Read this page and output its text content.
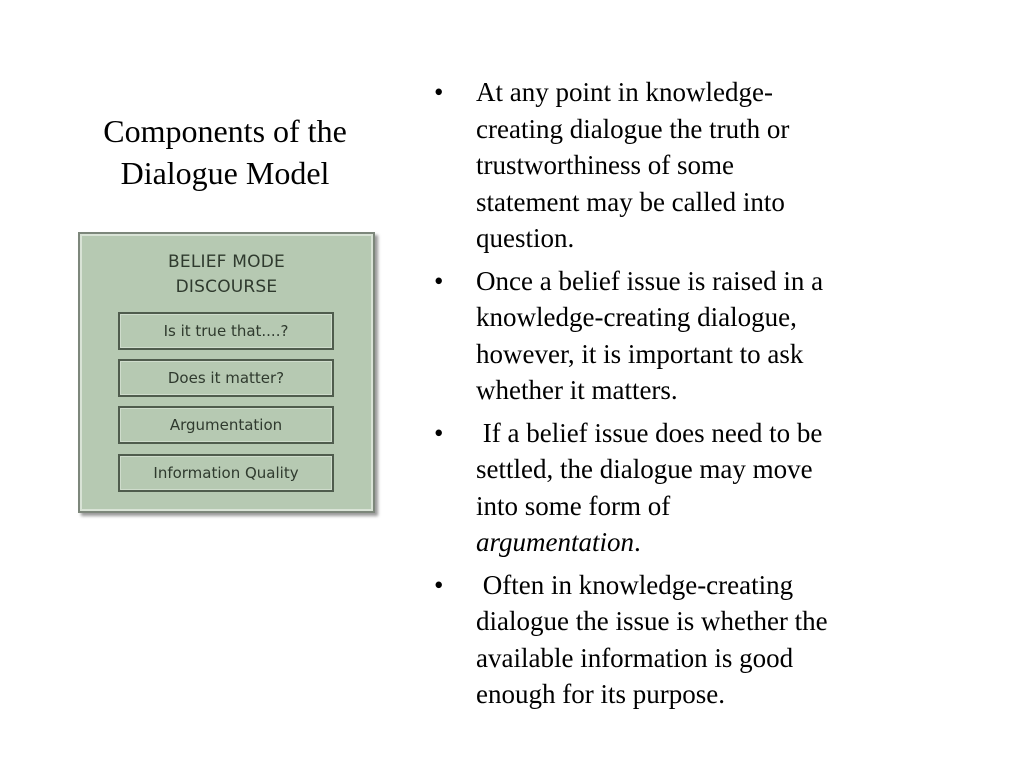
Components of the
Dialogue Model
BELIEF MODE
DISCOURSE
Is it true that....?
Does it matter?
Argumentation
Information Quality
•	At any point in knowledge-
creating dialogue the truth or
trustworthiness of some
statement may be called into
question.
•	Once a belief issue is raised in a
knowledge-creating dialogue,
however, it is important to ask
whether it matters.
•	If a belief issue does need to be
settled, the dialogue may move
into some form of
argumentation.
•	Often in knowledge-creating
dialogue the issue is whether the
available information is good
enough for its purpose.
